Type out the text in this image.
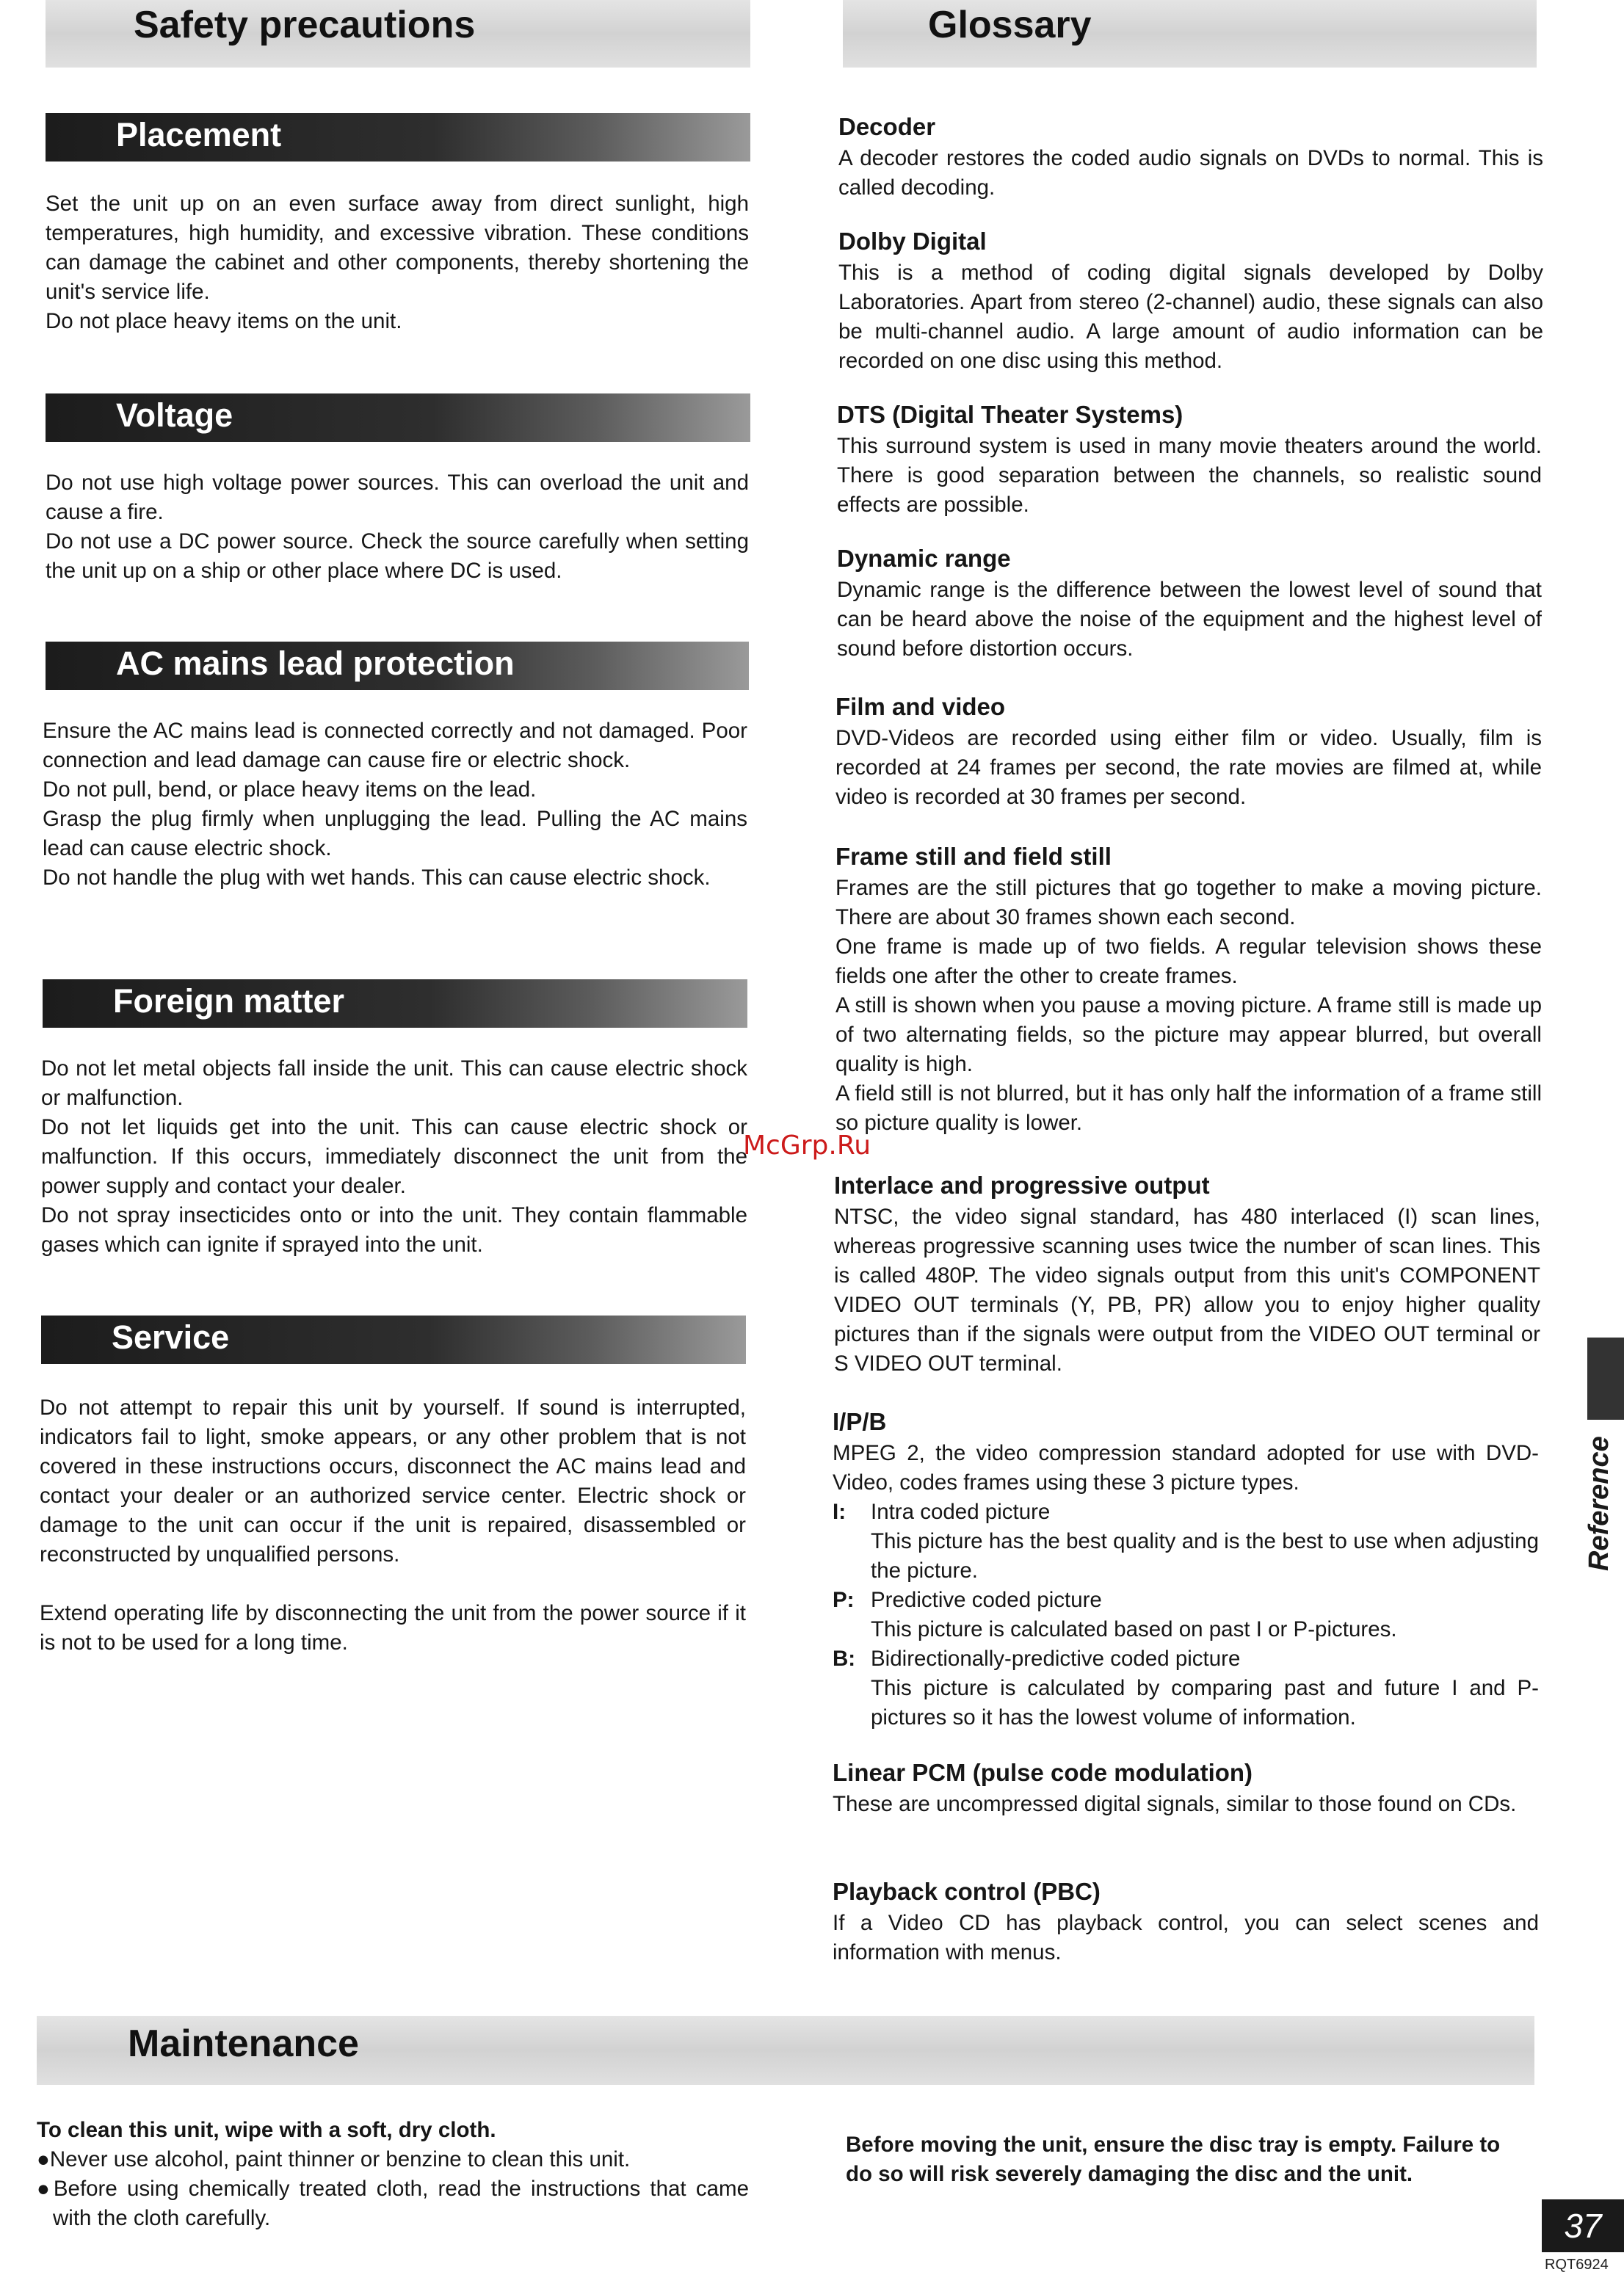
Safety precautions	Glossary
Placement

Set the unit up on an even surface away from direct sunlight, high temperatures, high humidity, and excessive vibration. These conditions can damage the cabinet and other components, thereby shortening the unit's service life.

Do not place heavy items on the unit.

Voltage

Do not use high voltage power sources. This can overload the unit and cause a fire.

Do not use a DC power source. Check the source carefully when setting the unit up on a ship or other place where DC is used.

AC mains lead protection

Ensure the AC mains lead is connected correctly and not damaged. Poor connection and lead damage can cause fire or electric shock.

Do not pull, bend, or place heavy items on the lead.

Grasp the plug firmly when unplugging the lead. Pulling the AC mains lead can cause electric shock.

Do not handle the plug with wet hands. This can cause electric shock.

Foreign matter

Do not let metal objects fall inside the unit. This can cause electric shock or malfunction.

Do not let liquids get into the unit. This can cause electric shock or malfunction. If this occurs, immediately disconnect the unit from the power supply and contact your dealer.

Do not spray insecticides onto or into the unit. They contain flammable gases which can ignite if sprayed into the unit.

Service

Do not attempt to repair this unit by yourself. If sound is interrupted, indicators fail to light, smoke appears, or any other problem that is not covered in these instructions occurs, disconnect the AC mains lead and contact your dealer or an authorized service center. Electric shock or damage to the unit can occur if the unit is repaired, disassembled or reconstructed by unqualified persons.

Extend operating life by disconnecting the unit from the power source if it is not to be used for a long time.

Decoder

A decoder restores the coded audio signals on DVDs to normal. This is called decoding.

Dolby Digital

This is a method of coding digital signals developed by Dolby Laboratories. Apart from stereo (2-channel) audio, these signals can also be multi-channel audio. A large amount of audio information can be recorded on one disc using this method.

DTS (Digital Theater Systems)

This surround system is used in many movie theaters around the world. There is good separation between the channels, so realistic sound effects are possible.

Dynamic range

Dynamic range is the difference between the lowest level of sound that can be heard above the noise of the equipment and the highest level of sound before distortion occurs.

Film and video

DVD-Videos are recorded using either film or video. Usually, film is recorded at 24 frames per second, the rate movies are filmed at, while video is recorded at 30 frames per second.

Frame still and field still

Frames are the still pictures that go together to make a moving picture. There are about 30 frames shown each second.

One frame is made up of two fields. A regular television shows these fields one after the other to create frames.

A still is shown when you pause a moving picture. A frame still is made up of two alternating fields, so the picture may appear blurred, but overall quality is high.

A field still is not blurred, but it has only half the information of a frame still so picture quality is lower.

Interlace and progressive output

NTSC, the video signal standard, has 480 interlaced (I) scan lines, whereas progressive scanning uses twice the number of scan lines. This is called 480P. The video signals output from this unit's COMPONENT VIDEO OUT terminals (Y, PB, PR) allow you to enjoy higher quality pictures than if the signals were output from the VIDEO OUT terminal or S VIDEO OUT terminal.

I/P/B

MPEG 2, the video compression standard adopted for use with DVD-Video, codes frames using these 3 picture types.

I: Intra coded picture
This picture has the best quality and is the best to use when adjusting the picture.
P: Predictive coded picture
This picture is calculated based on past I or P-pictures.
B: Bidirectionally-predictive coded picture
This picture is calculated by comparing past and future I and P-pictures so it has the lowest volume of information.
Linear PCM (pulse code modulation)

These are uncompressed digital signals, similar to those found on CDs.

Playback control (PBC)

If a Video CD has playback control, you can select scenes and information with menus.

Reference
McGrp.Ru
Maintenance
To clean this unit, wipe with a soft, dry cloth.
●Never use alcohol, paint thinner or benzine to clean this unit.
●Before using chemically treated cloth, read the instructions that came with the cloth carefully.
Before moving the unit, ensure the disc tray is empty. Failure to do so will risk severely damaging the disc and the unit.
37
RQT6924
